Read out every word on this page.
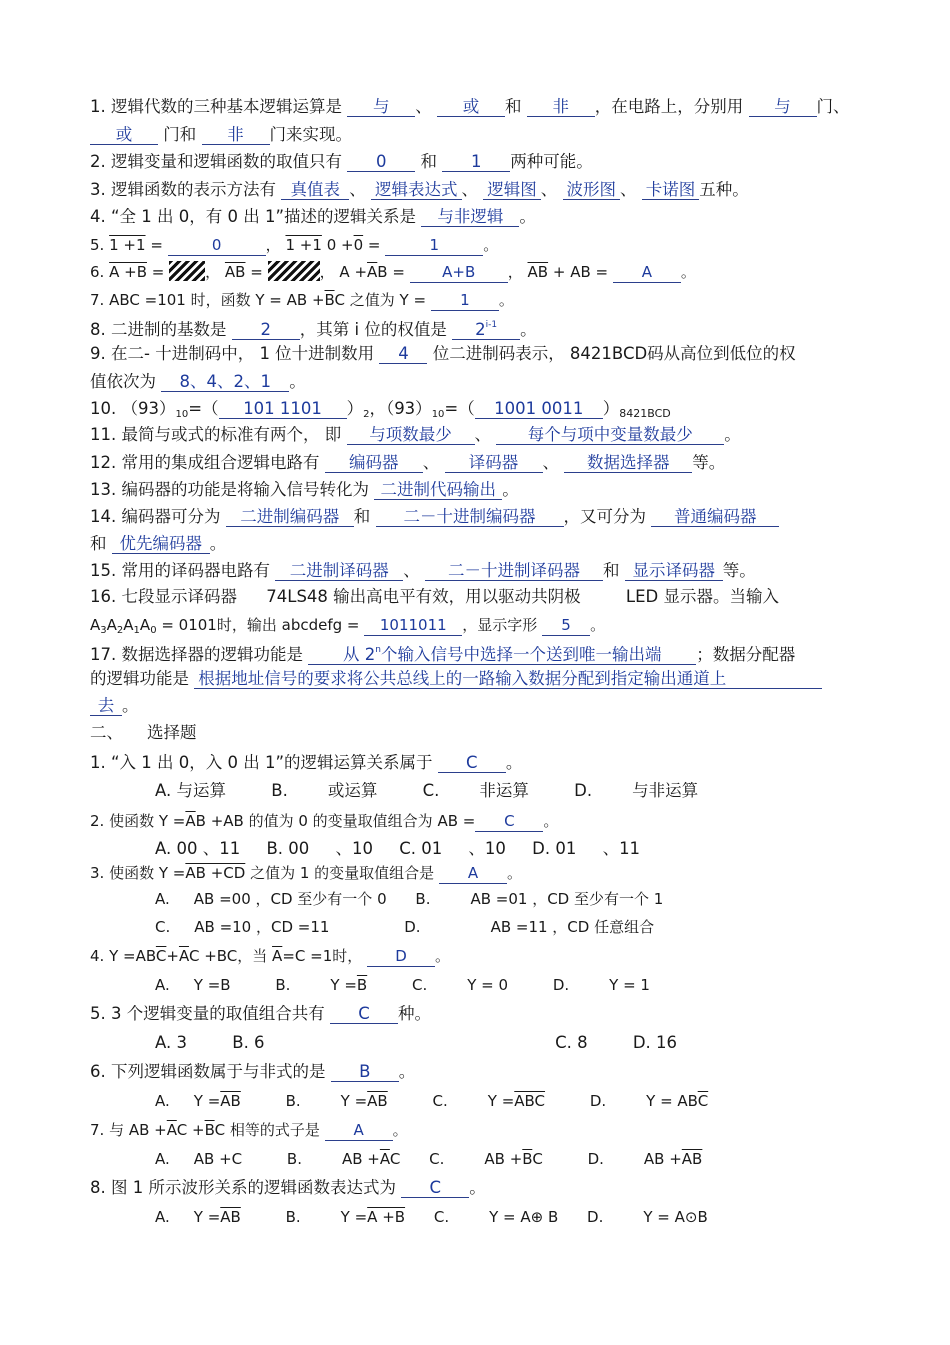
1. 逻辑代数的三种基本逻辑运算是 与 、 或 和 非 ，在电路上，分别用 与 门、
或 门和 非 门来实现。
2. 逻辑变量和逻辑函数的取值只有 0 和 1 两种可能。
3. 逻辑函数的表示方法有 真值表 、 逻辑表达式 、 逻辑图 、 波形图 、 卡诺图 五种。
4. “全 1 出 0，有 0 出 1”描述的逻辑关系是 与非逻辑 。
5. 1 +1 =	0	， 1 +1 0 +0 =	1	。
6. A +B =	， $\overline{AB}$ =	， $A +\overline{A}B = A+B$ ， $\overline{AB}$ + AB = A 。
7. ABC =101 时，函数 Y = AB $+\overline{B}C$ 之值为 Y = 1 。
8. 二进制的基数是 2 ，其第 i 位的权值是 2$^{i-1}$ 。
9. 在二- 十进制码中， 1 位十进制数用 4 位二进制码表示， 8421BCD码从高位到低位的权
值依次为 8、4、2、1 。
10. $(93)_{10}=$（ 101 1101 ）$_2$，$(93)_{10}=$（ 1001 0011 ）$_{8421BCD}$
11. 最简与或式的标准有两个， 即 与项数最少 、 每个与项中变量数最少 。
12. 常用的集成组合逻辑电路有 编码器 、 译码器 、 数据选择器 等。
13. 编码器的功能是将输入信号转化为 二进制代码输出 。
14. 编码器可分为 二进制编码器 和 二－十进制编码器 ，又可分为 普通编码器
和 优先编码器 。
15. 常用的译码器电路有 二进制译码器 、 二－十进制译码器 和 显示译码器 等。
16. 七段显示译码器 74LS48 输出高电平有效，用以驱动共阴极	LED 显示器。当输入
$A_3A_2A_1A_0 = 0101$时，输出 abcdefg = 1011011 ，显示字形 5 。
17. 数据选择器的逻辑功能是 从 2$^n$个输入信号中选择一个送到唯一输出端 ；数据分配器
的逻辑功能是 根据地址信号的要求将公共总线上的一路输入数据分配到指定输出通道上
去 。
二、 选择题
1. “入 1 出 0，入 0 出 1”的逻辑运算关系属于 C 。
A. 与运算	B. 或运算	C. 非运算	D. 与非运算
2. 使函数 $Y =\overline{A}B +AB$ 的值为 0 的变量取值组合为 AB = C 。
A. 00 、11     B. 00     、10     C. 01     、10     D. 01     、11
3. 使函数 Y =AB +CD 之值为 1 的变量取值组合是 A 。
A. AB =00 ，CD 至少有一个 0 B.	AB =01 ，CD 至少有一个 1
C. AB =10 ，CD =11	D.	AB =11 ，CD 任意组合
4. $Y =AB\overline{C}+\overline{A}C +BC$，当 $\overline{A}=C =1$时， D 。
A. Y =B	B.	$Y =\overline{B}$	C.	Y = 0	D.	Y = 1
5. 3 个逻辑变量的取值组合共有 C 种。
A. 3	B. 6	C. 8	D. 16
6. 下列逻辑函数属于与非式的是 B 。
A. $Y =\overline{AB}$	B.	$Y =\overline{AB}$	C.	$Y =\overline{ABC}$	D.	$Y = AB\overline{C}$
7. 与 AB $+\overline{A}C +\overline{B}C$ 相等的式子是 A 。
A. AB +C	B.	AB $+\overline{A}C$ C.	AB $+\overline{B}C$	D.	AB $+\overline{AB}$
8. 图 1 所示波形关系的逻辑函数表达式为 C 。
A. $Y =\overline{AB}$	B.	Y =A +B C.	Y = A⊕ B D.	Y = A⊙B
